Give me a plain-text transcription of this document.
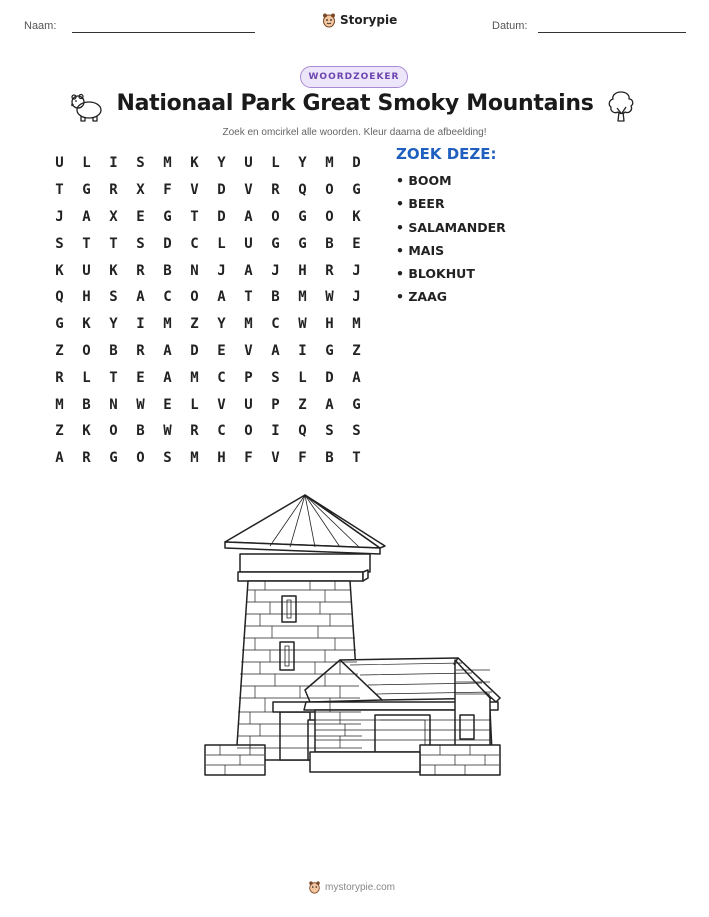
Naam:	Storypie	Datum:
WOORDZOEKER
Nationaal Park Great Smoky Mountains
Zoek en omcirkel alle woorden. Kleur daarna de afbeelding!
U	L	I	S	M	K	Y	U	L	Y	M	D
T	G	R	X	F	V	D	V	R	Q	O	G
J	A	X	E	G	T	D	A	O	G	O	K
S	T	T	S	D	C	L	U	G	G	B	E
K	U	K	R	B	N	J	A	J	H	R	J
Q	H	S	A	C	O	A	T	B	M	W	J
G	K	Y	I	M	Z	Y	M	C	W	H	M
Z	O	B	R	A	D	E	V	A	I	G	Z
R	L	T	E	A	M	C	P	S	L	D	A
M	B	N	W	E	L	V	U	P	Z	A	G
Z	K	O	B	W	R	C	O	I	Q	S	S
A	R	G	O	S	M	H	F	V	F	B	T
ZOEK DEZE:
• BOOM
• BEER
• SALAMANDER
• MAIS
• BLOKHUT
• ZAAG
mystorypie.com
